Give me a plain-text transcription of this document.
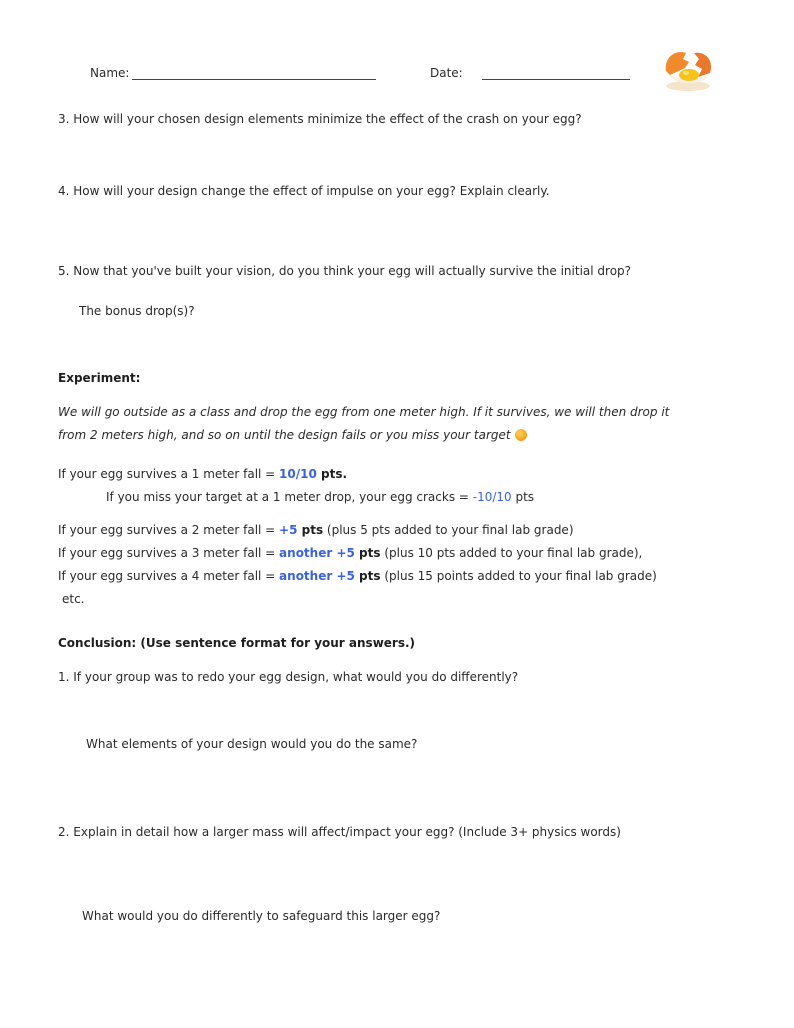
Name:	Date:
3. How will your chosen design elements minimize the effect of the crash on your egg?
4. How will your design change the effect of impulse on your egg? Explain clearly.
5. Now that you've built your vision, do you think your egg will actually survive the initial drop?
The bonus drop(s)?
Experiment:
We will go outside as a class and drop the egg from one meter high. If it survives, we will then drop it
from 2 meters high, and so on until the design fails or you miss your target
If your egg survives a 1 meter fall = 10/10 pts.
If you miss your target at a 1 meter drop, your egg cracks = -10/10 pts
If your egg survives a 2 meter fall = +5 pts (plus 5 pts added to your final lab grade)
If your egg survives a 3 meter fall = another +5 pts (plus 10 pts added to your final lab grade),
If your egg survives a 4 meter fall = another +5 pts (plus 15 points added to your final lab grade)
etc.
Conclusion: (Use sentence format for your answers.)
1. If your group was to redo your egg design, what would you do differently?
What elements of your design would you do the same?
2. Explain in detail how a larger mass will affect/impact your egg? (Include 3+ physics words)
What would you do differently to safeguard this larger egg?
